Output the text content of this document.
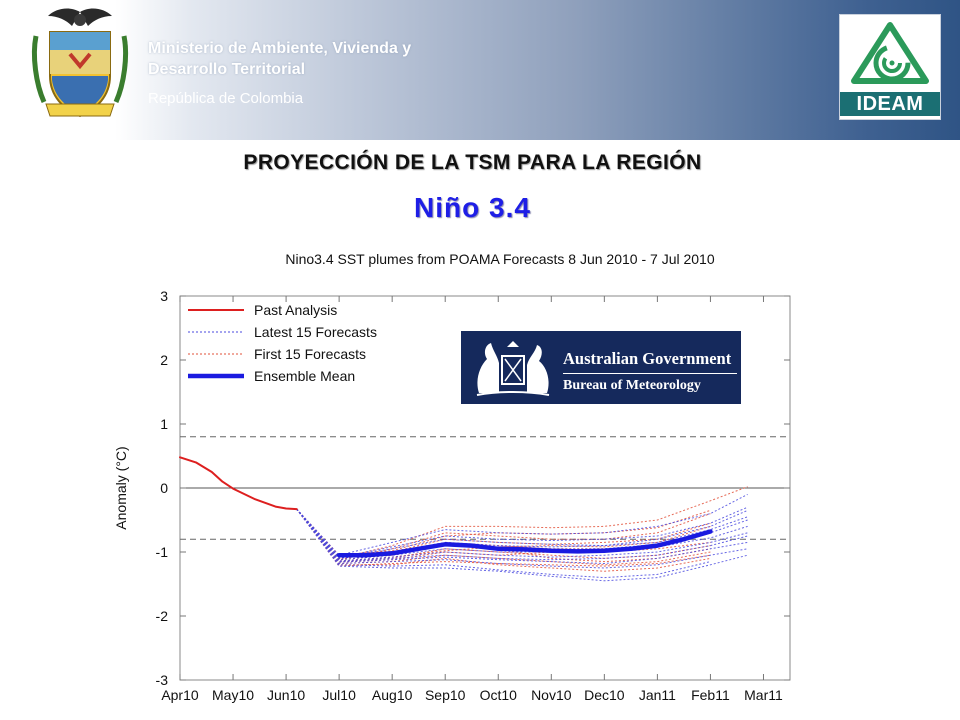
Ministerio de Ambiente, Vivienda y
Desarrollo Territorial
República de Colombia	IDEAM
PROYECCIÓN DE LA TSM PARA LA REGIÓN
Niño 3.4
Nino3.4 SST plumes from POAMA Forecasts 8 Jun 2010 - 7 Jul 2010
3
2
1
0
-1
-2
-3
Apr10 May10 Jun10 Jul10 Aug10 Sep10 Oct10 Nov10 Dec10 Jan11 Feb11 Mar11
Past Analysis
Latest 15 Forecasts
First 15 Forecasts
Ensemble Mean
Anomaly (°C)
Australian Government
Bureau of Meteorology
